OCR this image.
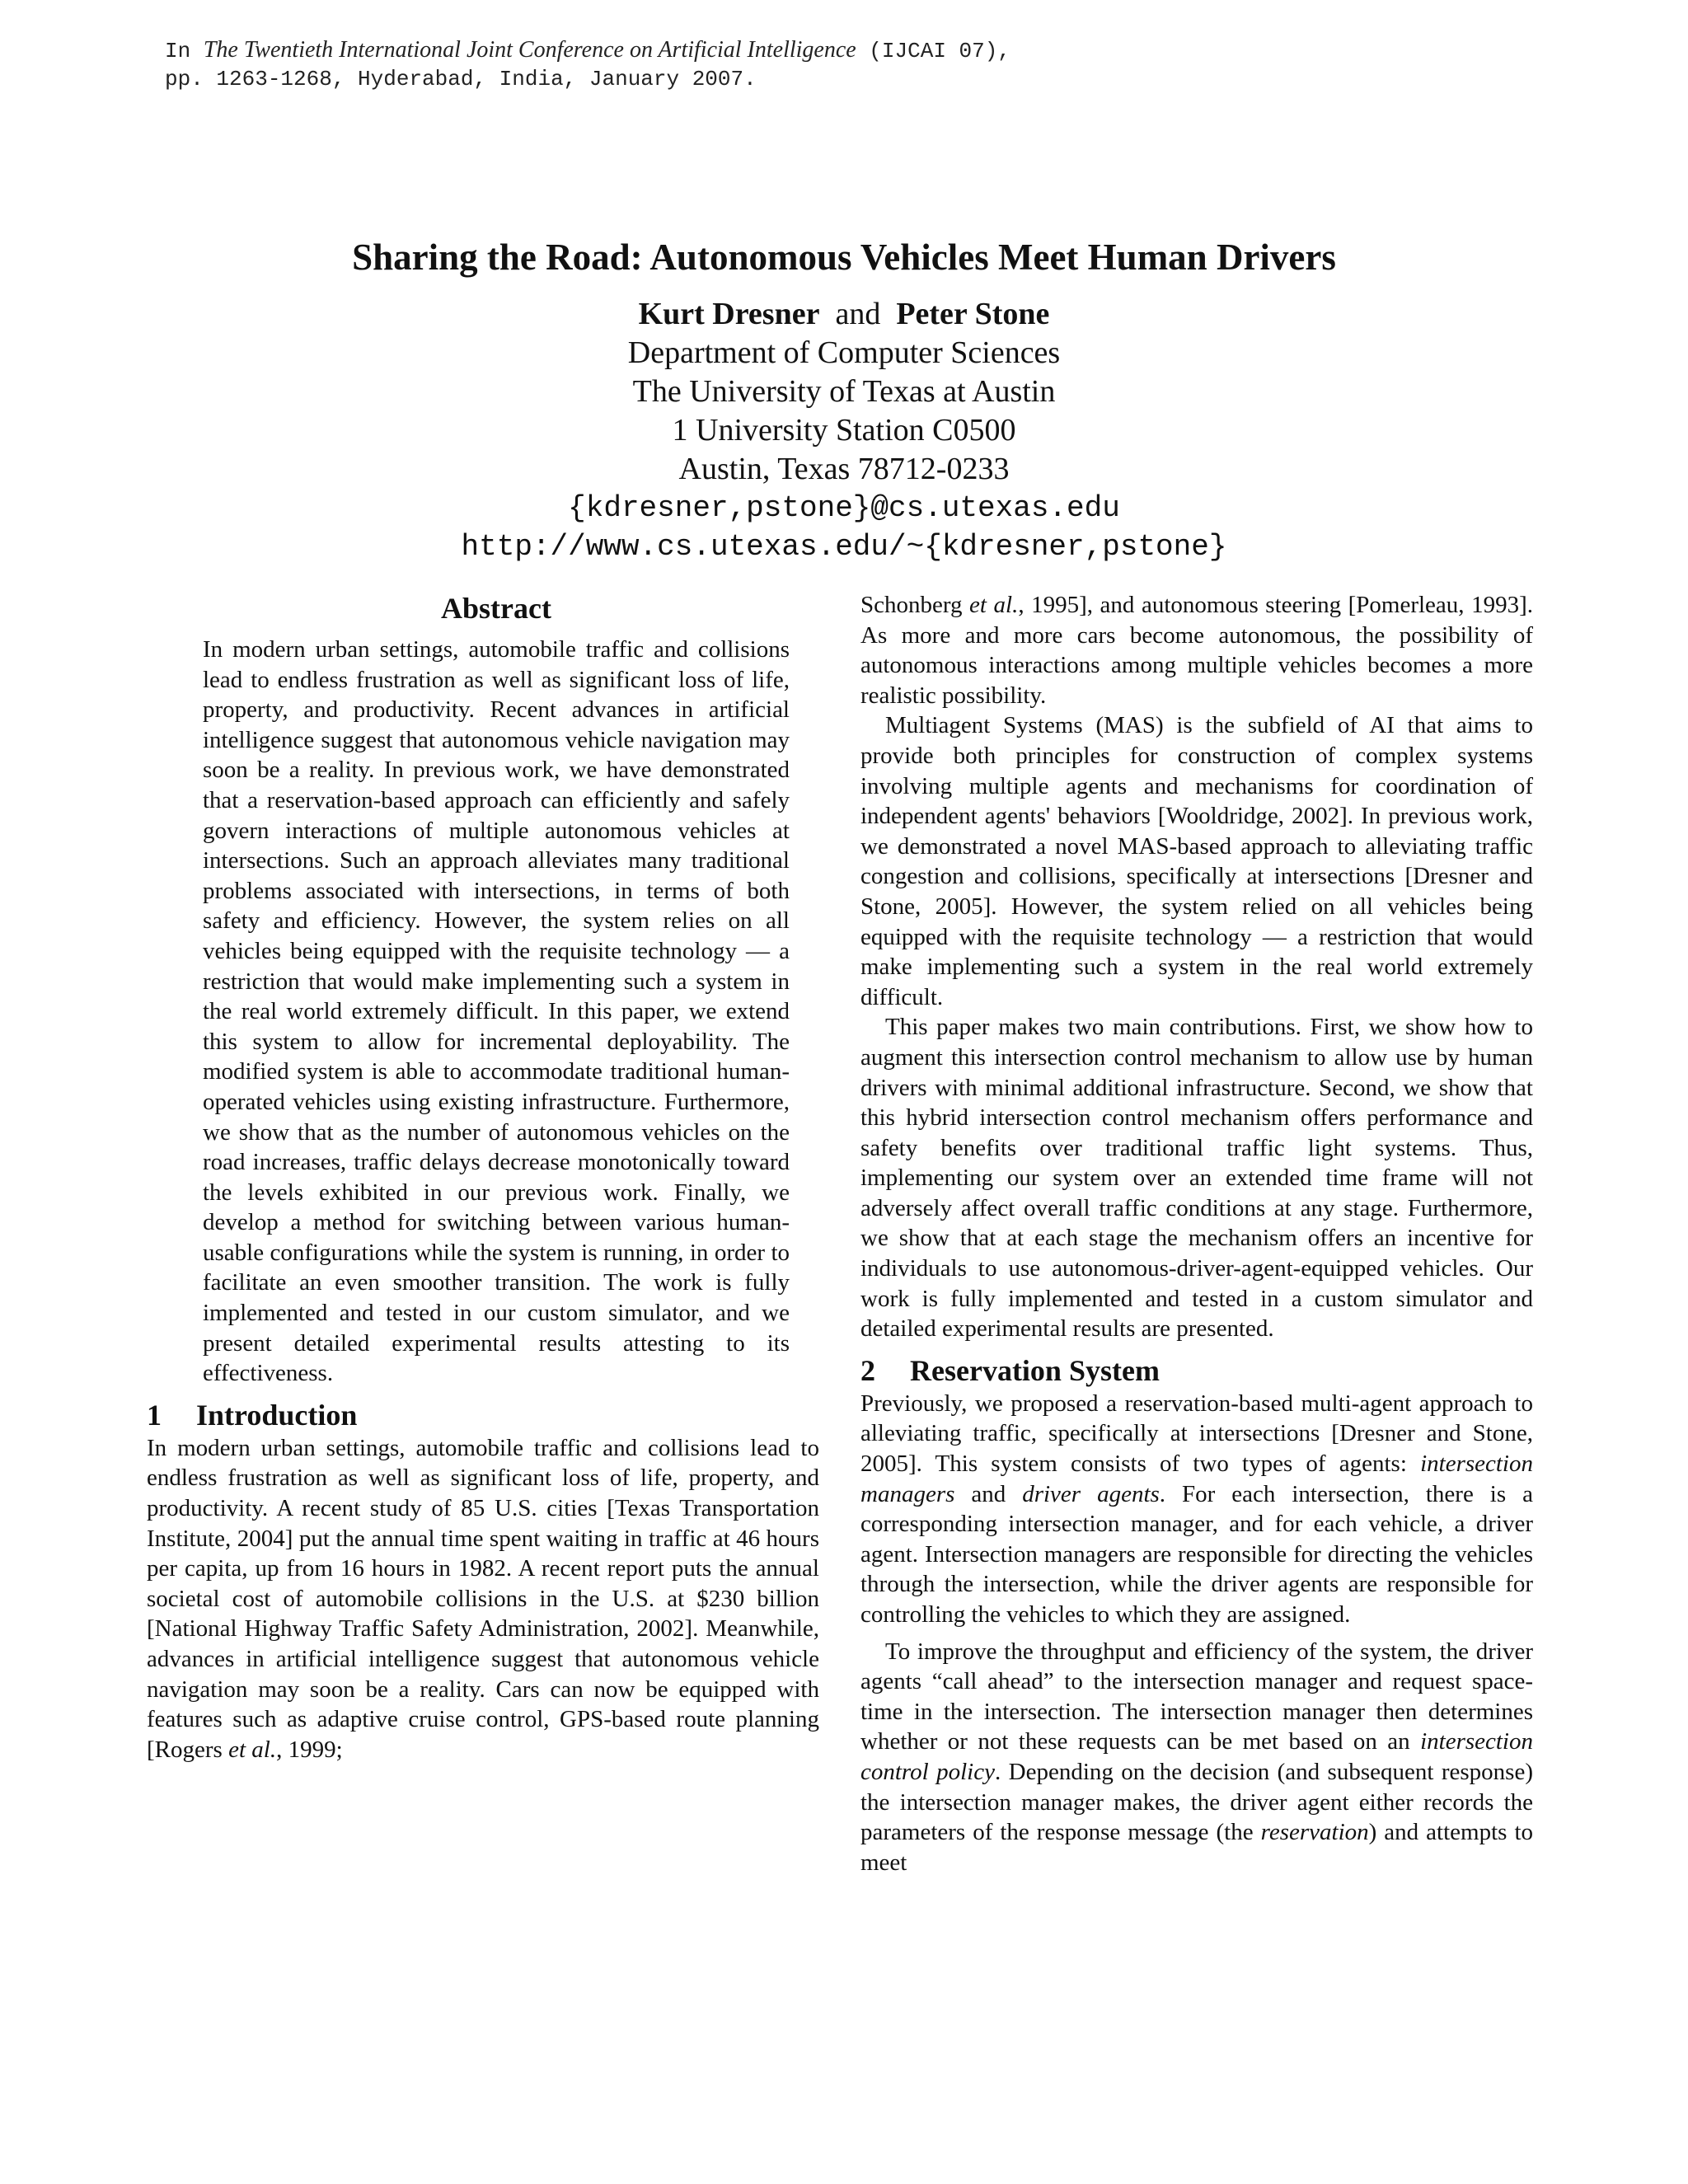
In The Twentieth International Joint Conference on Artificial Intelligence (IJCAI 07),
pp. 1263-1268, Hyderabad, India, January 2007.
Sharing the Road: Autonomous Vehicles Meet Human Drivers
Kurt Dresner and Peter Stone
Department of Computer Sciences
The University of Texas at Austin
1 University Station C0500
Austin, Texas 78712-0233
{kdresner,pstone}@cs.utexas.edu
http://www.cs.utexas.edu/~{kdresner,pstone}
Abstract

In modern urban settings, automobile traffic and collisions lead to endless frustration as well as significant loss of life, property, and productivity. Recent advances in artificial intelligence suggest that autonomous vehicle navigation may soon be a reality. In previous work, we have demonstrated that a reservation-based approach can efficiently and safely govern interactions of multiple autonomous vehicles at intersections. Such an approach alleviates many traditional problems associated with intersections, in terms of both safety and efficiency. However, the system relies on all vehicles being equipped with the requisite technology — a restriction that would make implementing such a system in the real world extremely difficult. In this paper, we extend this system to allow for incremental deployability. The modified system is able to accommodate traditional human-operated vehicles using existing infrastructure. Furthermore, we show that as the number of autonomous vehicles on the road increases, traffic delays decrease monotonically toward the levels exhibited in our previous work. Finally, we develop a method for switching between various human-usable configurations while the system is running, in order to facilitate an even smoother transition. The work is fully implemented and tested in our custom simulator, and we present detailed experimental results attesting to its effectiveness.

1 Introduction

In modern urban settings, automobile traffic and collisions lead to endless frustration as well as significant loss of life, property, and productivity. A recent study of 85 U.S. cities [Texas Transportation Institute, 2004] put the annual time spent waiting in traffic at 46 hours per capita, up from 16 hours in 1982. A recent report puts the annual societal cost of automobile collisions in the U.S. at $230 billion [National Highway Traffic Safety Administration, 2002]. Meanwhile, advances in artificial intelligence suggest that autonomous vehicle navigation may soon be a reality. Cars can now be equipped with features such as adaptive cruise control, GPS-based route planning [Rogers et al., 1999;

Schonberg et al., 1995], and autonomous steering [Pomerleau, 1993]. As more and more cars become autonomous, the possibility of autonomous interactions among multiple vehicles becomes a more realistic possibility.

Multiagent Systems (MAS) is the subfield of AI that aims to provide both principles for construction of complex systems involving multiple agents and mechanisms for coordination of independent agents' behaviors [Wooldridge, 2002]. In previous work, we demonstrated a novel MAS-based approach to alleviating traffic congestion and collisions, specifically at intersections [Dresner and Stone, 2005]. However, the system relied on all vehicles being equipped with the requisite technology — a restriction that would make implementing such a system in the real world extremely difficult.

This paper makes two main contributions. First, we show how to augment this intersection control mechanism to allow use by human drivers with minimal additional infrastructure. Second, we show that this hybrid intersection control mechanism offers performance and safety benefits over traditional traffic light systems. Thus, implementing our system over an extended time frame will not adversely affect overall traffic conditions at any stage. Furthermore, we show that at each stage the mechanism offers an incentive for individuals to use autonomous-driver-agent-equipped vehicles. Our work is fully implemented and tested in a custom simulator and detailed experimental results are presented.

2 Reservation System

Previously, we proposed a reservation-based multi-agent approach to alleviating traffic, specifically at intersections [Dresner and Stone, 2005]. This system consists of two types of agents: intersection managers and driver agents. For each intersection, there is a corresponding intersection manager, and for each vehicle, a driver agent. Intersection managers are responsible for directing the vehicles through the intersection, while the driver agents are responsible for controlling the vehicles to which they are assigned.

To improve the throughput and efficiency of the system, the driver agents “call ahead” to the intersection manager and request space-time in the intersection. The intersection manager then determines whether or not these requests can be met based on an intersection control policy. Depending on the decision (and subsequent response) the intersection manager makes, the driver agent either records the parameters of the response message (the reservation) and attempts to meet
